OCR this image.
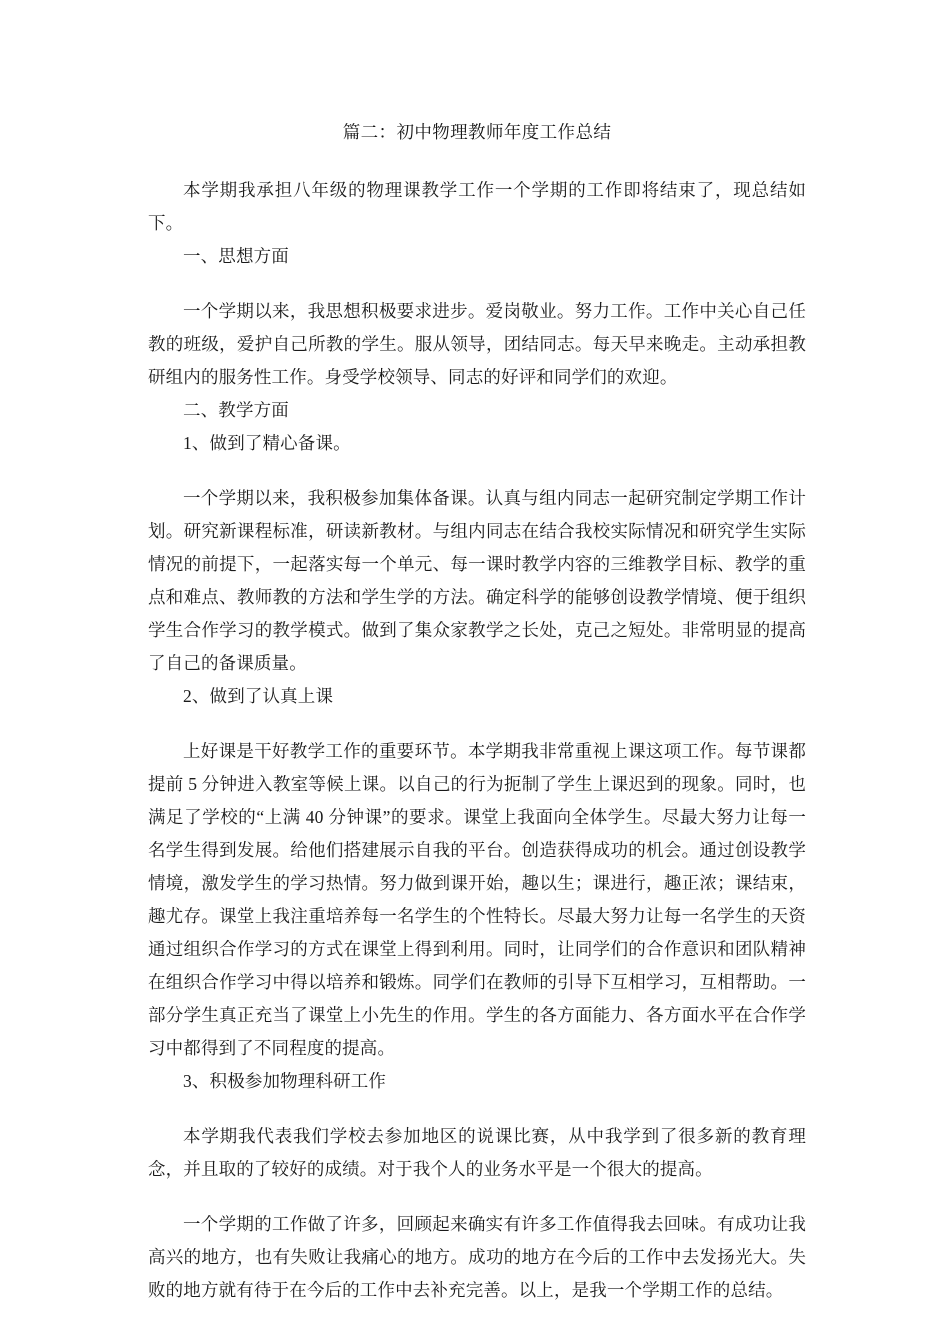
篇二：初中物理教师年度工作总结

本学期我承担八年级的物理课教学工作一个学期的工作即将结束了，现总结如下。

一、思想方面

一个学期以来，我思想积极要求进步。爱岗敬业。努力工作。工作中关心自己任教的班级，爱护自己所教的学生。服从领导，团结同志。每天早来晚走。主动承担教研组内的服务性工作。身受学校领导、同志的好评和同学们的欢迎。

二、教学方面

1、做到了精心备课。

一个学期以来，我积极参加集体备课。认真与组内同志一起研究制定学期工作计划。研究新课程标准，研读新教材。与组内同志在结合我校实际情况和研究学生实际情况的前提下，一起落实每一个单元、每一课时教学内容的三维教学目标、教学的重点和难点、教师教的方法和学生学的方法。确定科学的能够创设教学情境、便于组织学生合作学习的教学模式。做到了集众家教学之长处，克己之短处。非常明显的提高了自己的备课质量。

2、做到了认真上课

上好课是干好教学工作的重要环节。本学期我非常重视上课这项工作。每节课都提前 5 分钟进入教室等候上课。以自己的行为扼制了学生上课迟到的现象。同时，也满足了学校的“上满 40 分钟课”的要求。课堂上我面向全体学生。尽最大努力让每一名学生得到发展。给他们搭建展示自我的平台。创造获得成功的机会。通过创设教学情境，激发学生的学习热情。努力做到课开始，趣以生；课进行，趣正浓；课结束，趣尤存。课堂上我注重培养每一名学生的个性特长。尽最大努力让每一名学生的天资通过组织合作学习的方式在课堂上得到利用。同时，让同学们的合作意识和团队精神在组织合作学习中得以培养和锻炼。同学们在教师的引导下互相学习，互相帮助。一部分学生真正充当了课堂上小先生的作用。学生的各方面能力、各方面水平在合作学习中都得到了不同程度的提高。

3、积极参加物理科研工作

本学期我代表我们学校去参加地区的说课比赛，从中我学到了很多新的教育理念，并且取的了较好的成绩。对于我个人的业务水平是一个很大的提高。

一个学期的工作做了许多，回顾起来确实有许多工作值得我去回味。有成功让我高兴的地方，也有失败让我痛心的地方。成功的地方在今后的工作中去发扬光大。失败的地方就有待于在今后的工作中去补充完善。以上，是我一个学期工作的总结。
